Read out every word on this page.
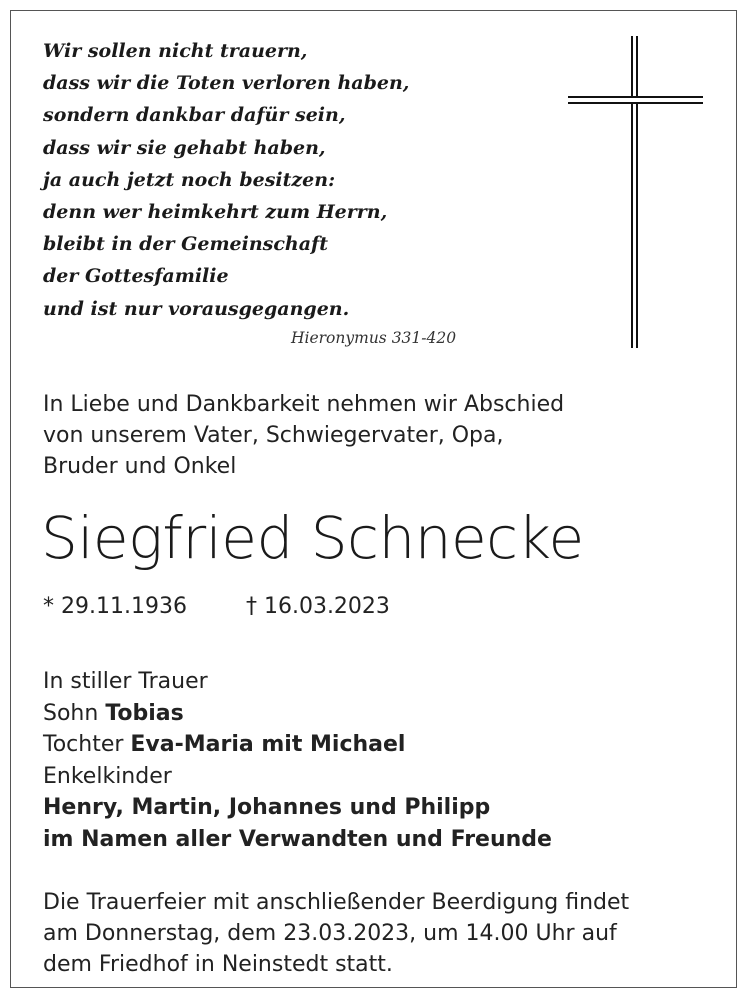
Wir sollen nicht trauern,
dass wir die Toten verloren haben,
sondern dankbar dafür sein,
dass wir sie gehabt haben,
ja auch jetzt noch besitzen:
denn wer heimkehrt zum Herrn,
bleibt in der Gemeinschaft
der Gottesfamilie
und ist nur vorausgegangen.
Hieronymus 331-420
In Liebe und Dankbarkeit nehmen wir Abschied
von unserem Vater, Schwiegervater, Opa,
Bruder und Onkel
Siegfried Schnecke
* 29.11.1936	† 16.03.2023
In stiller Trauer
Sohn Tobias
Tochter Eva-Maria mit Michael
Enkelkinder
Henry, Martin, Johannes und Philipp
im Namen aller Verwandten und Freunde
Die Trauerfeier mit anschließender Beerdigung findet
am Donnerstag, dem 23.03.2023, um 14.00 Uhr auf
dem Friedhof in Neinstedt statt.
